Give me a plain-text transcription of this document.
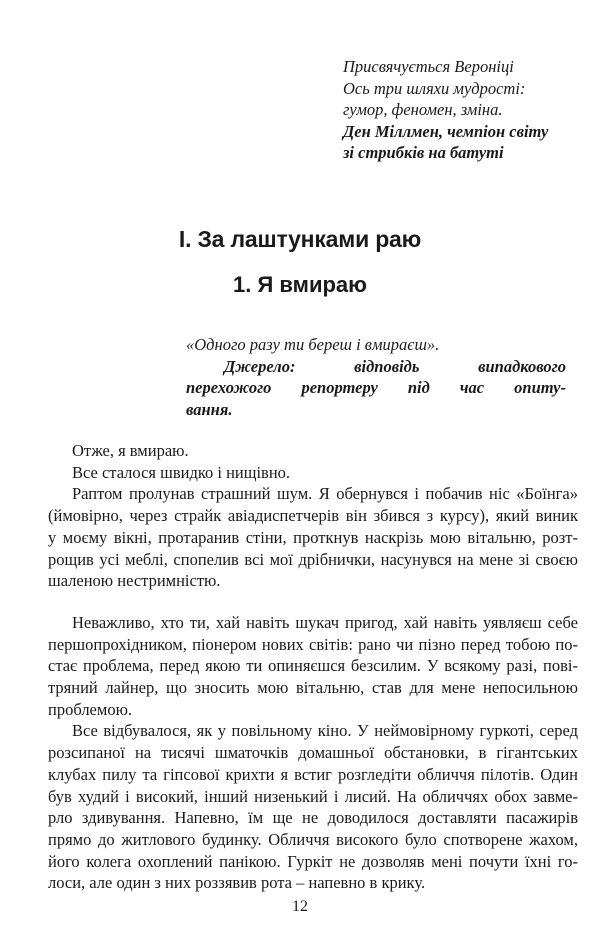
Присвячується Вероніці
Ось три шляхи мудрості:
гумор, феномен, зміна.
Ден Міллмен, чемпіон світу
зі стрибків на батуті
I. За лаштунками раю
1. Я вмираю
«Одного разу ти береш і вмираєш».
Джерело: відповідь випадкового
перехожого репортеру під час опиту-
вання.

Отже, я вмираю.

Все сталося швидко і нищівно.

Раптом пролунав страшний шум. Я обернувся і побачив ніс «Боїнга»
(ймовірно, через страйк авіадиспетчерів він збився з курсу), який виник
у моєму вікні, протаранив стіни, проткнув наскрізь мою вітальню, розт-
рощив усі меблі, спопелив всі мої дрібнички, насунувся на мене зі своєю
шаленою нестримністю.

Неважливо, хто ти, хай навіть шукач пригод, хай навіть уявляєш себе
першопрохідником, піонером нових світів: рано чи пізно перед тобою по-
стає проблема, перед якою ти опиняєшся безсилим. У всякому разі, пові-
тряний лайнер, що зносить мою вітальню, став для мене непосильною
проблемою.

Все відбувалося, як у повільному кіно. У неймовірному гуркоті, серед
розсипаної на тисячі шматочків домашньої обстановки, в гігантських
клубах пилу та гіпсової крихти я встиг розгледіти обличчя пілотів. Один
був худий і високий, інший низенький і лисий. На обличчях обох завме-
рло здивування. Напевно, їм ще не доводилося доставляти пасажирів
прямо до житлового будинку. Обличчя високого було спотворене жахом,
його колега охоплений панікою. Гуркіт не дозволяв мені почути їхні го-
лоси, але один з них роззявив рота – напевно в крику.

12
